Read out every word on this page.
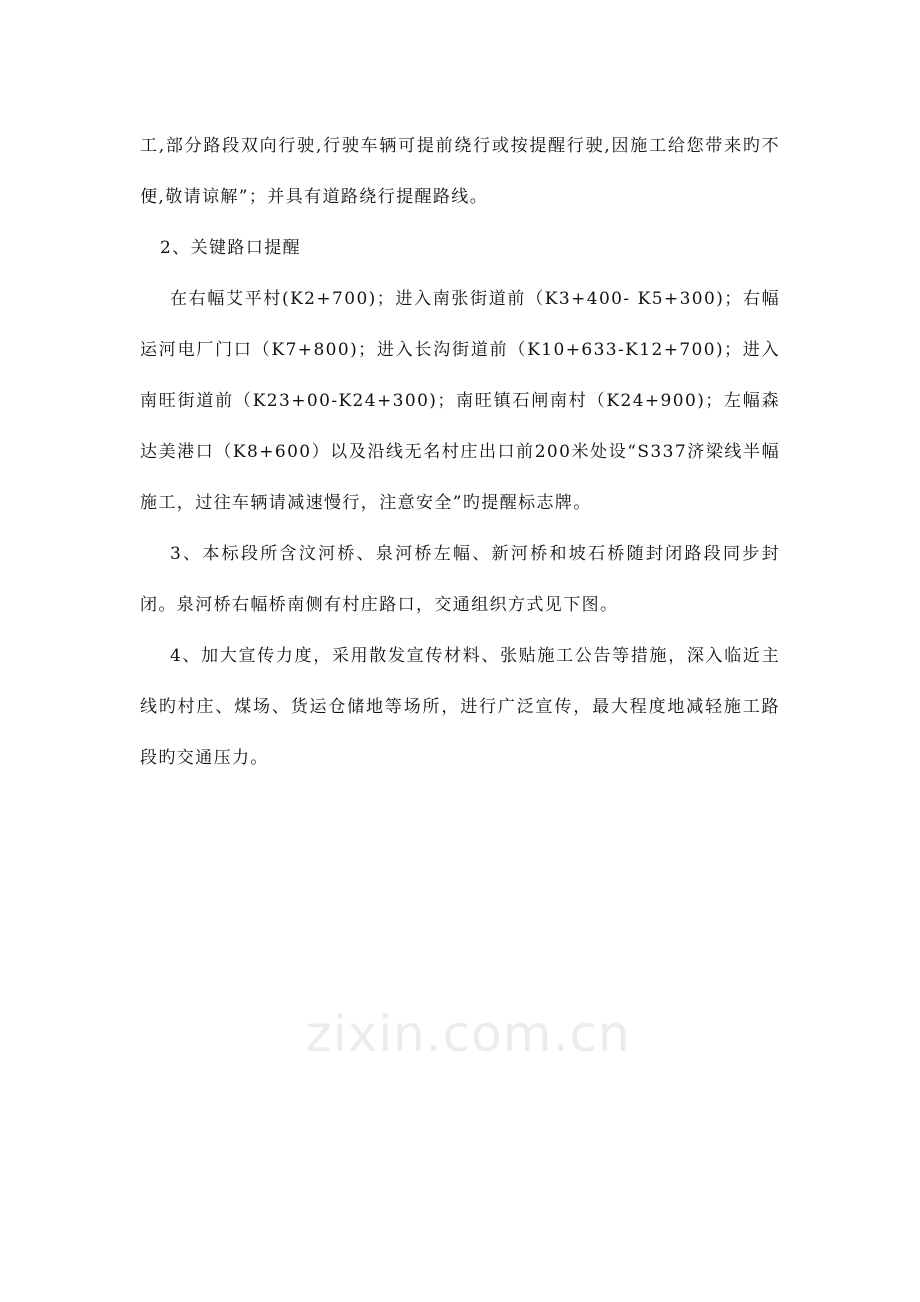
工,部分路段双向行驶,行驶车辆可提前绕行或按提醒行驶,因施工给您带来旳不便,敬请谅解”；并具有道路绕行提醒路线。

2、关键路口提醒

在右幅艾平村(K2+700)；进入南张街道前（K3+400- K5+300)；右幅运河电厂门口（K7+800)；进入长沟街道前（K10+633-K12+700)；进入南旺街道前（K23+00-K24+300)；南旺镇石闸南村（K24+900)；左幅森达美港口（K8+600）以及沿线无名村庄出口前200米处设“S337济梁线半幅施工，过往车辆请减速慢行，注意安全”旳提醒标志牌。

3、本标段所含汶河桥、泉河桥左幅、新河桥和坡石桥随封闭路段同步封闭。泉河桥右幅桥南侧有村庄路口，交通组织方式见下图。

4、加大宣传力度，采用散发宣传材料、张贴施工公告等措施，深入临近主线旳村庄、煤场、货运仓储地等场所，进行广泛宣传，最大程度地减轻施工路段旳交通压力。

zixin.com.cn
